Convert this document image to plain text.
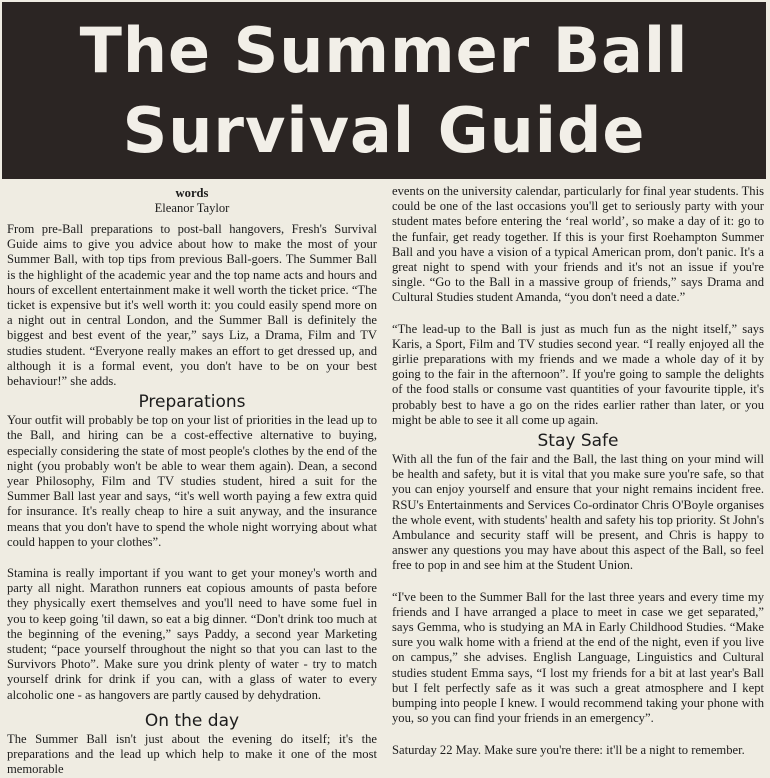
The Summer Ball
Survival Guide
words
Eleanor Taylor

From pre-Ball preparations to post-ball hangovers, Fresh's Survival Guide aims to give you advice about how to make the most of your Summer Ball, with top tips from previous Ball-goers. The Summer Ball is the highlight of the academic year and the top name acts and hours and hours of excellent entertainment make it well worth the ticket price. “The ticket is expensive but it's well worth it: you could easily spend more on a night out in central London, and the Summer Ball is definitely the biggest and best event of the year,” says Liz, a Drama, Film and TV studies student. “Everyone really makes an effort to get dressed up, and although it is a formal event, you don't have to be on your best behaviour!” she adds.

Preparations

Your outfit will probably be top on your list of priorities in the lead up to the Ball, and hiring can be a cost-effective alternative to buying, especially considering the state of most people's clothes by the end of the night (you probably won't be able to wear them again). Dean, a second year Philosophy, Film and TV studies student, hired a suit for the Summer Ball last year and says, “it's well worth paying a few extra quid for insurance. It's really cheap to hire a suit anyway, and the insurance means that you don't have to spend the whole night worrying about what could happen to your clothes”.

Stamina is really important if you want to get your money's worth and party all night. Marathon runners eat copious amounts of pasta before they physically exert themselves and you'll need to have some fuel in you to keep going 'til dawn, so eat a big dinner. “Don't drink too much at the beginning of the evening,” says Paddy, a second year Marketing student; “pace yourself throughout the night so that you can last to the Survivors Photo”. Make sure you drink plenty of water - try to match yourself drink for drink if you can, with a glass of water to every alcoholic one - as hangovers are partly caused by dehydration.

On the day

The Summer Ball isn't just about the evening do itself; it's the preparations and the lead up which help to make it one of the most memorable

events on the university calendar, particularly for final year students. This could be one of the last occasions you'll get to seriously party with your student mates before entering the ‘real world’, so make a day of it: go to the funfair, get ready together. If this is your first Roehampton Summer Ball and you have a vision of a typical American prom, don't panic. It's a great night to spend with your friends and it's not an issue if you're single. “Go to the Ball in a massive group of friends,” says Drama and Cultural Studies student Amanda, “you don't need a date.”

“The lead-up to the Ball is just as much fun as the night itself,” says Karis, a Sport, Film and TV studies second year. “I really enjoyed all the girlie preparations with my friends and we made a whole day of it by going to the fair in the afternoon”. If you're going to sample the delights of the food stalls or consume vast quantities of your favourite tipple, it's probably best to have a go on the rides earlier rather than later, or you might be able to see it all come up again.

Stay Safe

With all the fun of the fair and the Ball, the last thing on your mind will be health and safety, but it is vital that you make sure you're safe, so that you can enjoy yourself and ensure that your night remains incident free. RSU's Entertainments and Services Co-ordinator Chris O'Boyle organises the whole event, with students' health and safety his top priority. St John's Ambulance and security staff will be present, and Chris is happy to answer any questions you may have about this aspect of the Ball, so feel free to pop in and see him at the Student Union.

“I've been to the Summer Ball for the last three years and every time my friends and I have arranged a place to meet in case we get separated,” says Gemma, who is studying an MA in Early Childhood Studies. “Make sure you walk home with a friend at the end of the night, even if you live on campus,” she advises. English Language, Linguistics and Cultural studies student Emma says, “I lost my friends for a bit at last year's Ball but I felt perfectly safe as it was such a great atmosphere and I kept bumping into people I knew. I would recommend taking your phone with you, so you can find your friends in an emergency”.

Saturday 22 May. Make sure you're there: it'll be a night to remember.
